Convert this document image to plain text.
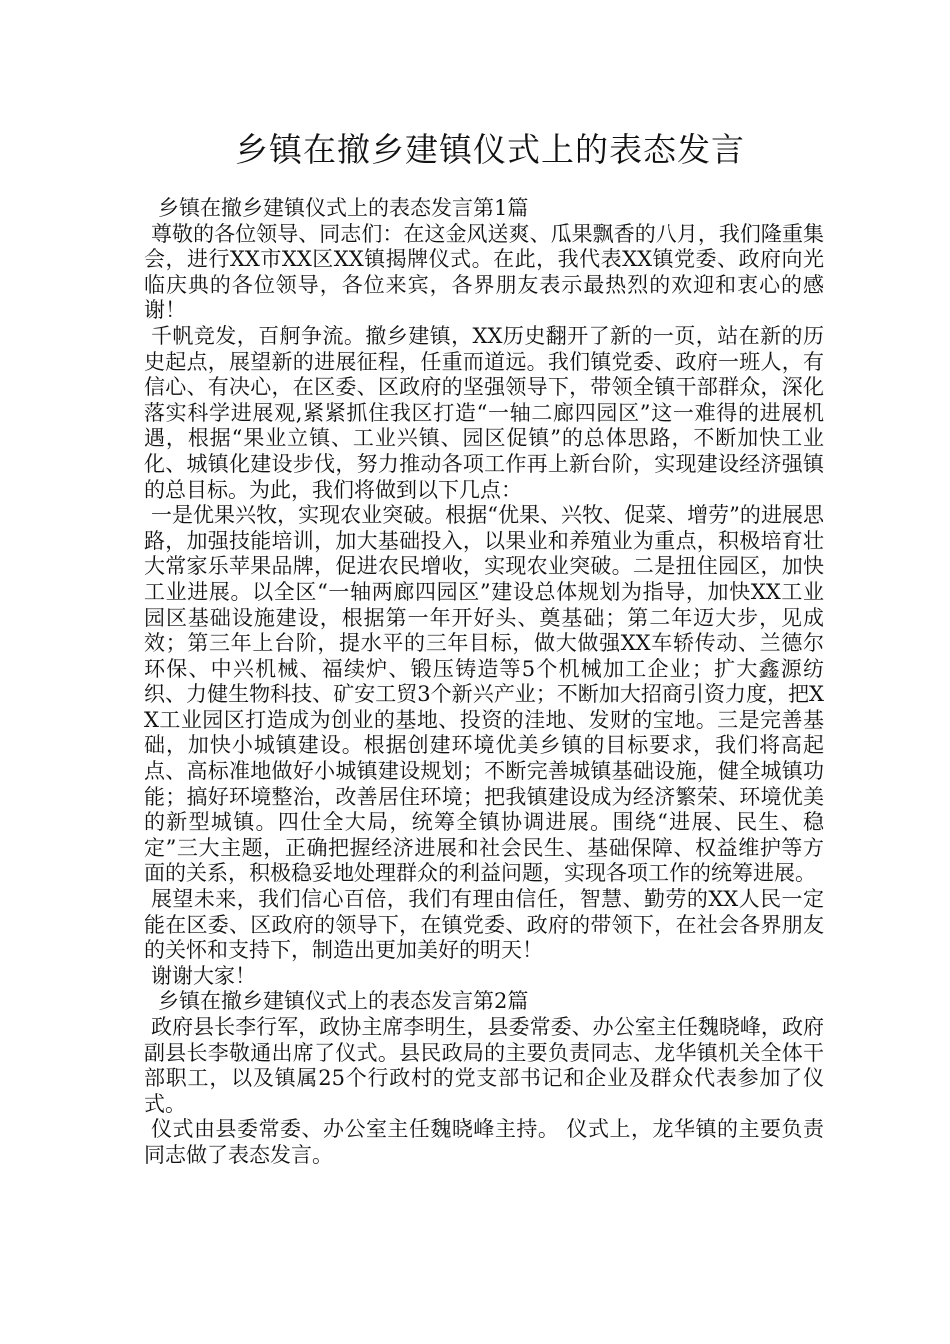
乡镇在撤乡建镇仪式上的表态发言

乡镇在撤乡建镇仪式上的表态发言第1篇

尊敬的各位领导、同志们：在这金风送爽、瓜果飘香的八月，我们隆重集会，进行XX市XX区XX镇揭牌仪式。在此，我代表XX镇党委、政府向光临庆典的各位领导，各位来宾，各界朋友表示最热烈的欢迎和衷心的感谢！

千帆竞发，百舸争流。撤乡建镇，XX历史翻开了新的一页，站在新的历史起点，展望新的进展征程，任重而道远。我们镇党委、政府一班人，有信心、有决心，在区委、区政府的坚强领导下，带领全镇干部群众，深化落实科学进展观,紧紧抓住我区打造“一轴二廊四园区”这一难得的进展机遇，根据“果业立镇、工业兴镇、园区促镇”的总体思路，不断加快工业化、城镇化建设步伐，努力推动各项工作再上新台阶，实现建设经济强镇的总目标。为此，我们将做到以下几点：

一是优果兴牧，实现农业突破。根据“优果、兴牧、促菜、增劳”的进展思路，加强技能培训，加大基础投入，以果业和养殖业为重点，积极培育壮大常家乐苹果品牌，促进农民增收，实现农业突破。二是扭住园区，加快工业进展。以全区“一轴两廊四园区”建设总体规划为指导，加快XX工业园区基础设施建设，根据第一年开好头、奠基础；第二年迈大步，见成效；第三年上台阶，提水平的三年目标，做大做强XX车轿传动、兰德尔环保、中兴机械、福续炉、锻压铸造等5个机械加工企业；扩大鑫源纺织、力健生物科技、矿安工贸3个新兴产业；不断加大招商引资力度，把XX工业园区打造成为创业的基地、投资的洼地、发财的宝地。三是完善基础，加快小城镇建设。根据创建环境优美乡镇的目标要求，我们将高起点、高标准地做好小城镇建设规划；不断完善城镇基础设施，健全城镇功能；搞好环境整治，改善居住环境；把我镇建设成为经济繁荣、环境优美的新型城镇。四仕全大局，统筹全镇协调进展。围绕“进展、民生、稳定”三大主题，正确把握经济进展和社会民生、基础保障、权益维护等方面的关系，积极稳妥地处理群众的利益问题，实现各项工作的统筹进展。

展望未来，我们信心百倍，我们有理由信任，智慧、勤劳的XX人民一定能在区委、区政府的领导下，在镇党委、政府的带领下，在社会各界朋友的关怀和支持下，制造出更加美好的明天！

谢谢大家！

乡镇在撤乡建镇仪式上的表态发言第2篇

政府县长李行军，政协主席李明生，县委常委、办公室主任魏晓峰，政府副县长李敬通出席了仪式。县民政局的主要负责同志、龙华镇机关全体干部职工，以及镇属25个行政村的党支部书记和企业及群众代表参加了仪式。

仪式由县委常委、办公室主任魏晓峰主持。 仪式上，龙华镇的主要负责同志做了表态发言。
